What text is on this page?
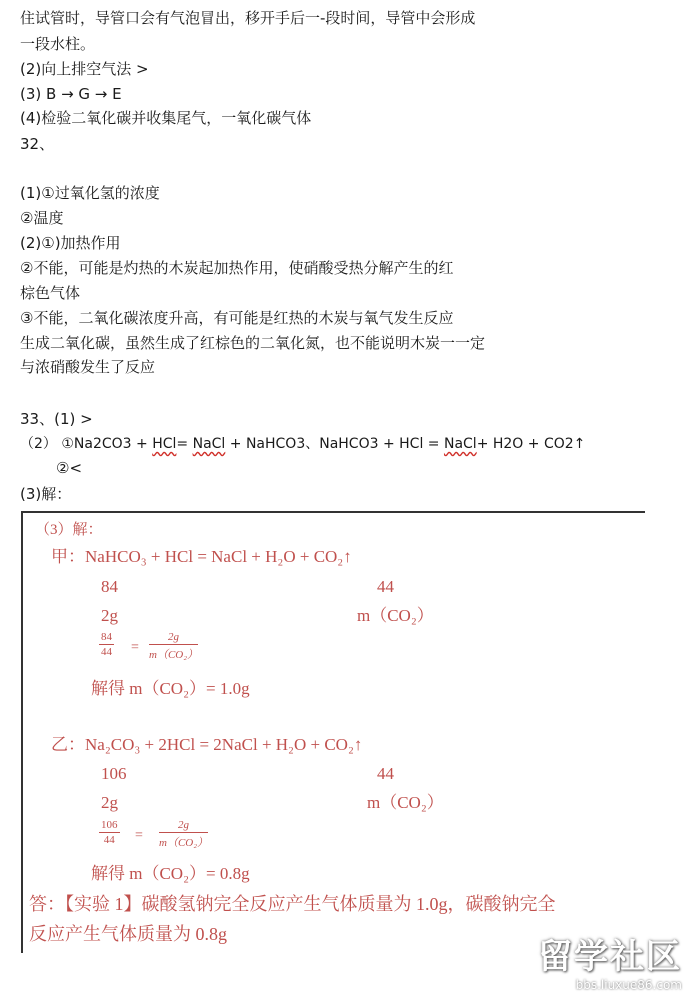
住试管时，导管口会有气泡冒出，移开手后一-段时间，导管中会形成
一段水柱。
(2)向上排空气法 >
(3) B → G → E
(4)检验二氧化碳并收集尾气，一氧化碳气体
32、
(1)①过氧化氢的浓度
②温度
(2)①)加热作用
②不能，可能是灼热的木炭起加热作用，使硝酸受热分解产生的红
棕色气体
③不能，二氧化碳浓度升高，有可能是红热的木炭与氧气发生反应
生成二氧化碳，虽然生成了红棕色的二氧化氮，也不能说明木炭一一定
与浓硝酸发生了反应
33、(1) >
（2） ①Na2CO3 + HCl= NaCl + NaHCO3、NaHCO3 + HCl = NaCl+ H2O + CO2↑
②<
(3)解：
（3）解：
甲：NaHCO₃ + HCl = NaCl + H₂O + CO₂↑
84	44
2g	m（CO₂）
$\frac{84}{44} = \frac{2g}{\text{m（CO₂）}}$
解得 m（CO₂）= 1.0g
乙：Na₂CO₃ + 2HCl = 2NaCl + H₂O + CO₂↑
106	44
2g	m（CO₂）
$\frac{106}{44} = \frac{2g}{\text{m（CO₂）}}$
解得 m（CO₂）= 0.8g
答：【实验 1】碳酸氢钠完全反应产生气体质量为 1.0g，碳酸钠完全
反应产生气体质量为 0.8g
留学社区
bbs.liuxue86.com
